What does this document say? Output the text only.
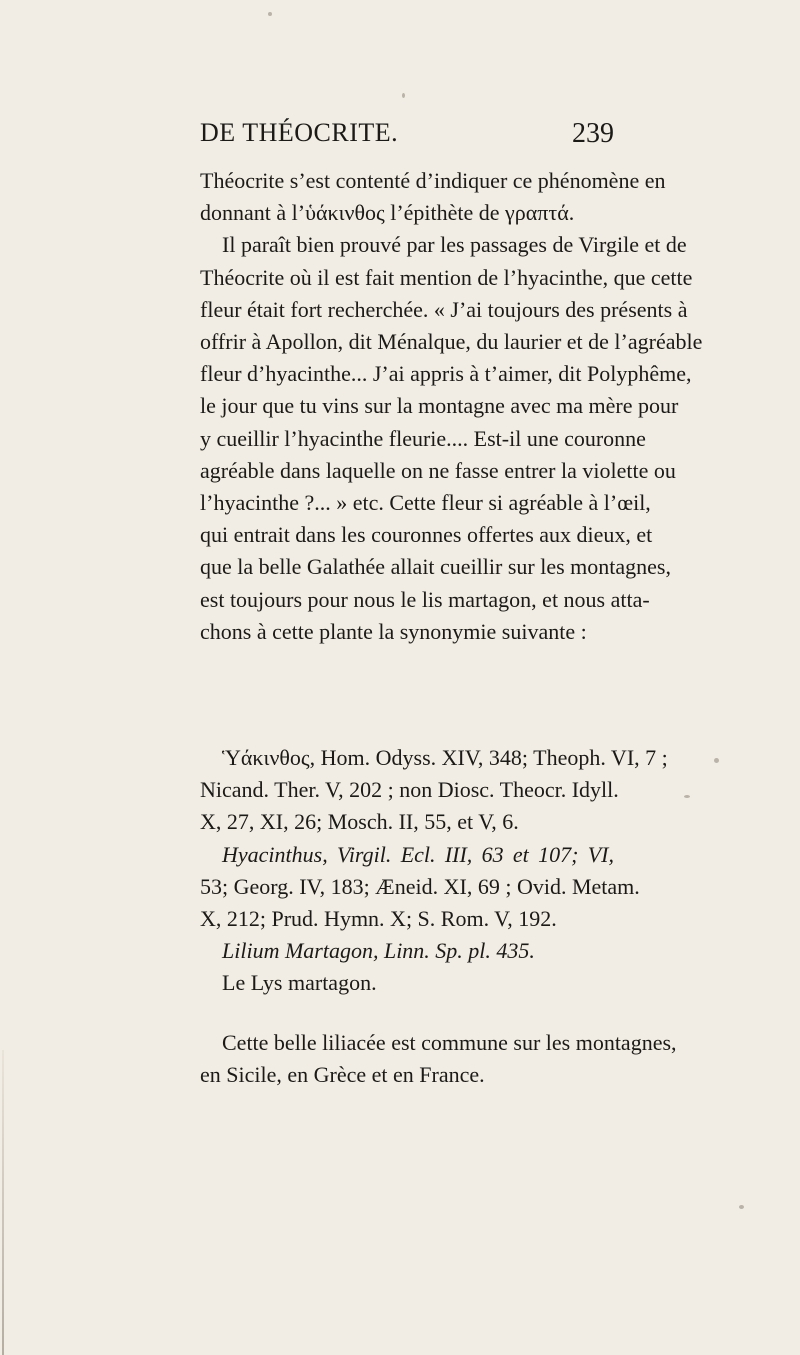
DE THÉOCRITE.	239
Théocrite s’est contenté d’indiquer ce phénomène en
donnant à l’ὑάκινθος l’épithète de γραπτά.
Il paraît bien prouvé par les passages de Virgile et de
Théocrite où il est fait mention de l’hyacinthe, que cette
fleur était fort recherchée. « J’ai toujours des présents à
offrir à Apollon, dit Ménalque, du laurier et de l’agréable
fleur d’hyacinthe... J’ai appris à t’aimer, dit Polyphême,
le jour que tu vins sur la montagne avec ma mère pour
y cueillir l’hyacinthe fleurie.... Est-il une couronne
agréable dans laquelle on ne fasse entrer la violette ou
l’hyacinthe ?... » etc. Cette fleur si agréable à l’œil,
qui entrait dans les couronnes offertes aux dieux, et
que la belle Galathée allait cueillir sur les montagnes,
est toujours pour nous le lis martagon, et nous atta-
chons à cette plante la synonymie suivante :
Ὑάκινθος, Hom. Odyss. XIV, 348; Theoph. VI, 7 ;
Nicand. Ther. V, 202 ; non Diosc. Theocr. Idyll.
X, 27, XI, 26; Mosch. II, 55, et V, 6.
Hyacinthus, Virgil. Ecl. III, 63 et 107; VI,
53; Georg. IV, 183; Æneid. XI, 69 ; Ovid. Metam.
X, 212; Prud. Hymn. X; S. Rom. V, 192.
Lilium Martagon, Linn. Sp. pl. 435.
Le Lys martagon.
Cette belle liliacée est commune sur les montagnes,
en Sicile, en Grèce et en France.
